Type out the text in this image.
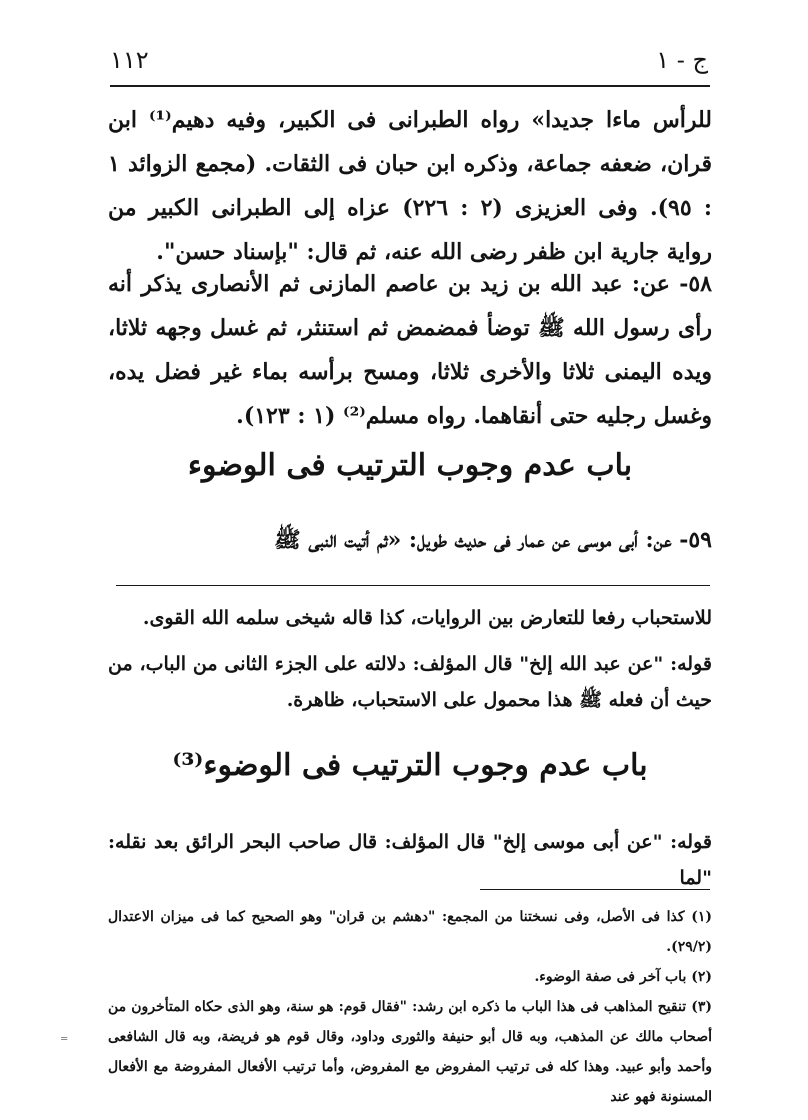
ج - ١
١١٢

للرأس ماءا جديدا» رواه الطبرانى فى الكبير، وفيه دهيم⁽¹⁾ ابن قران، ضعفه جماعة، وذكره ابن حبان فى الثقات. (مجمع الزوائد ١ : ٩٥). وفى العزيزى (٢ : ٢٢٦) عزاه إلى الطبرانى الكبير من رواية جارية ابن ظفر رضى الله عنه، ثم قال: "بإسناد حسن".

٥٨- عن: عبد الله بن زيد بن عاصم المازنى ثم الأنصارى يذكر أنه رأى رسول الله ﷺ توضأ فمضمض ثم استنثر، ثم غسل وجهه ثلاثا، ويده اليمنى ثلاثا والأخرى ثلاثا، ومسح برأسه بماء غير فضل يده، وغسل رجليه حتى أنقاهما. رواه مسلم⁽²⁾ (١ : ١٢٣).

باب عدم وجوب الترتيب فى الوضوء

٥٩- عن: أبى موسى عن عمار فى حديث طويل: «ثم أتيت النبى ﷺ

للاستحباب رفعا للتعارض بين الروايات، كذا قاله شيخى سلمه الله القوى.

قوله: "عن عبد الله إلخ" قال المؤلف: دلالته على الجزء الثانى من الباب، من حيث أن فعله ﷺ هذا محمول على الاستحباب، ظاهرة.

باب عدم وجوب الترتيب فى الوضوء⁽³⁾

قوله: "عن أبى موسى إلخ" قال المؤلف: قال صاحب البحر الرائق بعد نقله: "لما

(١) كذا فى الأصل، وفى نسختنا من المجمع: "دهشم بن قران" وهو الصحيح كما فى ميزان الاعتدال (٢٩/٢).

(٢) باب آخر فى صفة الوضوء.

(٣) تنقيح المذاهب فى هذا الباب ما ذكره ابن رشد: "فقال قوم: هو سنة، وهو الذى حكاه المتأخرون من أصحاب مالك عن المذهب، وبه قال أبو حنيفة والثورى وداود، وقال قوم هو فريضة، وبه قال الشافعى وأحمد وأبو عبيد. وهذا كله فى ترتيب المفروض مع المفروض، وأما ترتيب الأفعال المفروضة مع الأفعال المسنونة فهو عند

=
